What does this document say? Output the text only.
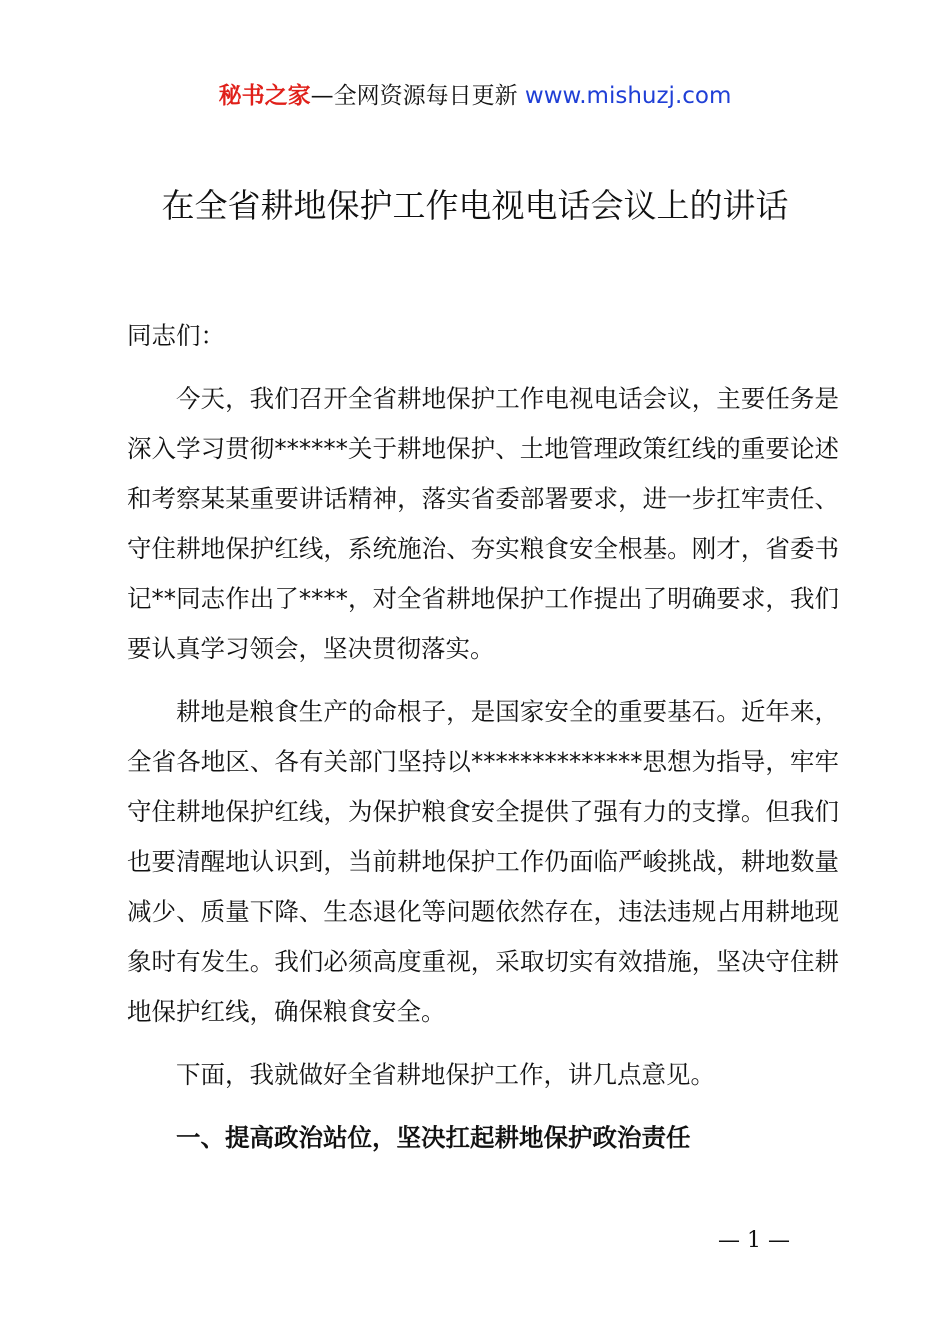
秘书之家—全网资源每日更新 www.mishuzj.com
在全省耕地保护工作电视电话会议上的讲话

同志们：

今天，我们召开全省耕地保护工作电视电话会议，主要任务是深入学习贯彻******关于耕地保护、土地管理政策红线的重要论述和考察某某重要讲话精神，落实省委部署要求，进一步扛牢责任、守住耕地保护红线，系统施治、夯实粮食安全根基。刚才，省委书记**同志作出了****，对全省耕地保护工作提出了明确要求，我们要认真学习领会，坚决贯彻落实。

耕地是粮食生产的命根子，是国家安全的重要基石。近年来，全省各地区、各有关部门坚持以**************思想为指导，牢牢守住耕地保护红线，为保护粮食安全提供了强有力的支撑。但我们也要清醒地认识到，当前耕地保护工作仍面临严峻挑战，耕地数量减少、质量下降、生态退化等问题依然存在，违法违规占用耕地现象时有发生。我们必须高度重视，采取切实有效措施，坚决守住耕地保护红线，确保粮食安全。

下面，我就做好全省耕地保护工作，讲几点意见。

一、提高政治站位，坚决扛起耕地保护政治责任

— 1 —
